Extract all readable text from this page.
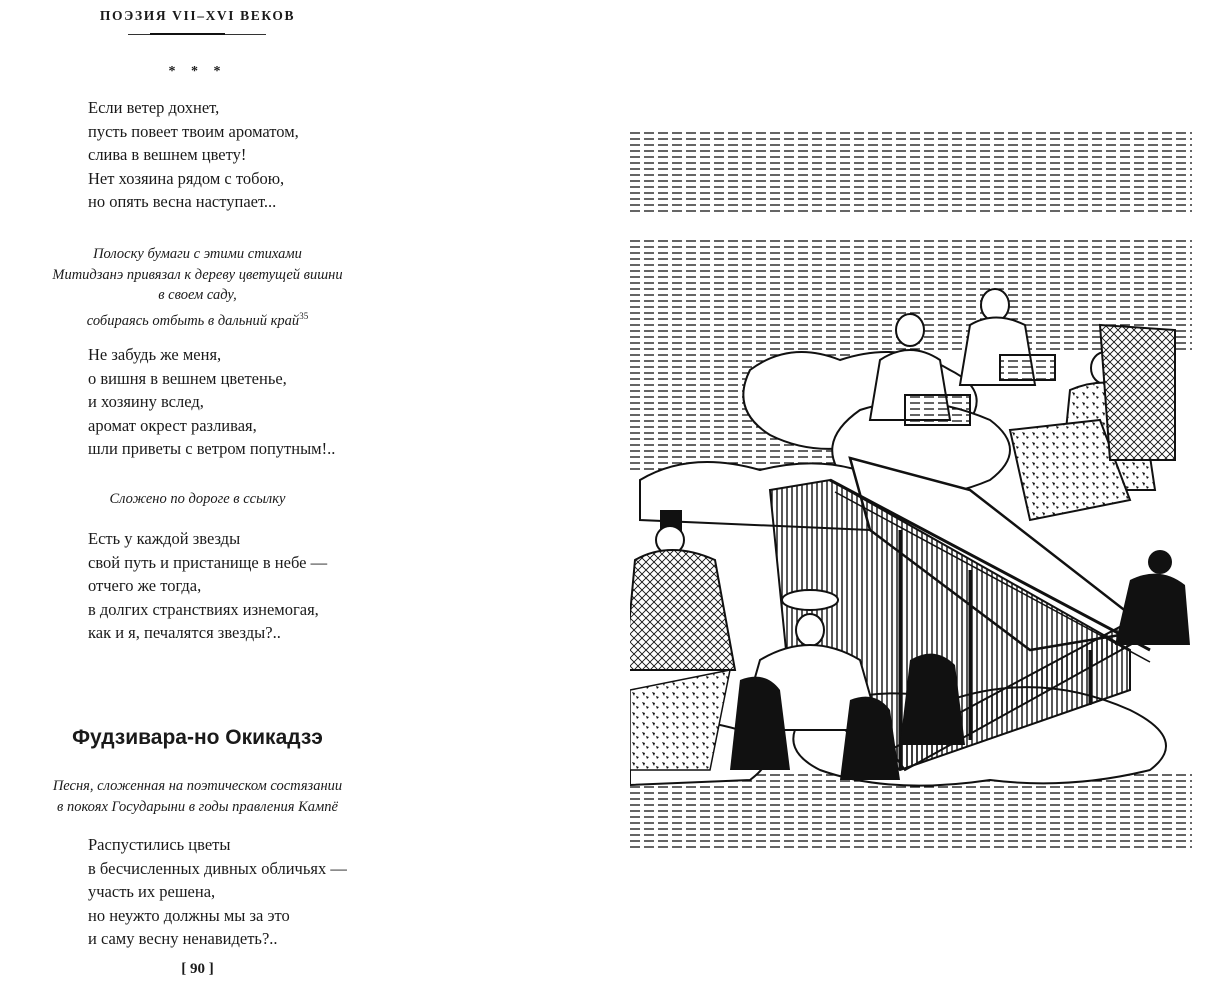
ПОЭЗИЯ VII–XVI ВЕКОВ
* * *
Если ветер дохнет,
пусть повеет твоим ароматом,
слива в вешнем цвету!
Нет хозяина рядом с тобою,
но опять весна наступает...
Полоску бумаги с этими стихами
Митидзанэ привязал к дереву цветущей вишни
в своем саду,
собираясь отбыть в дальний край$^{35}$
Не забудь же меня,
о вишня в вешнем цветенье,
и хозяину вслед,
аромат окрест разливая,
шли приветы с ветром попутным!..
Сложено по дороге в ссылку
Есть у каждой звезды
свой путь и пристанище в небе —
отчего же тогда,
в долгих странствиях изнемогая,
как и я, печалятся звезды?..
Фудзивара-но Окикадзэ
Песня, сложенная на поэтическом состязании
в покоях Государыни в годы правления Кампё
Распустились цветы
в бесчисленных дивных обличьях —
участь их решена,
но неужто должны мы за это
и саму весну ненавидеть?..
[ 90 ]
